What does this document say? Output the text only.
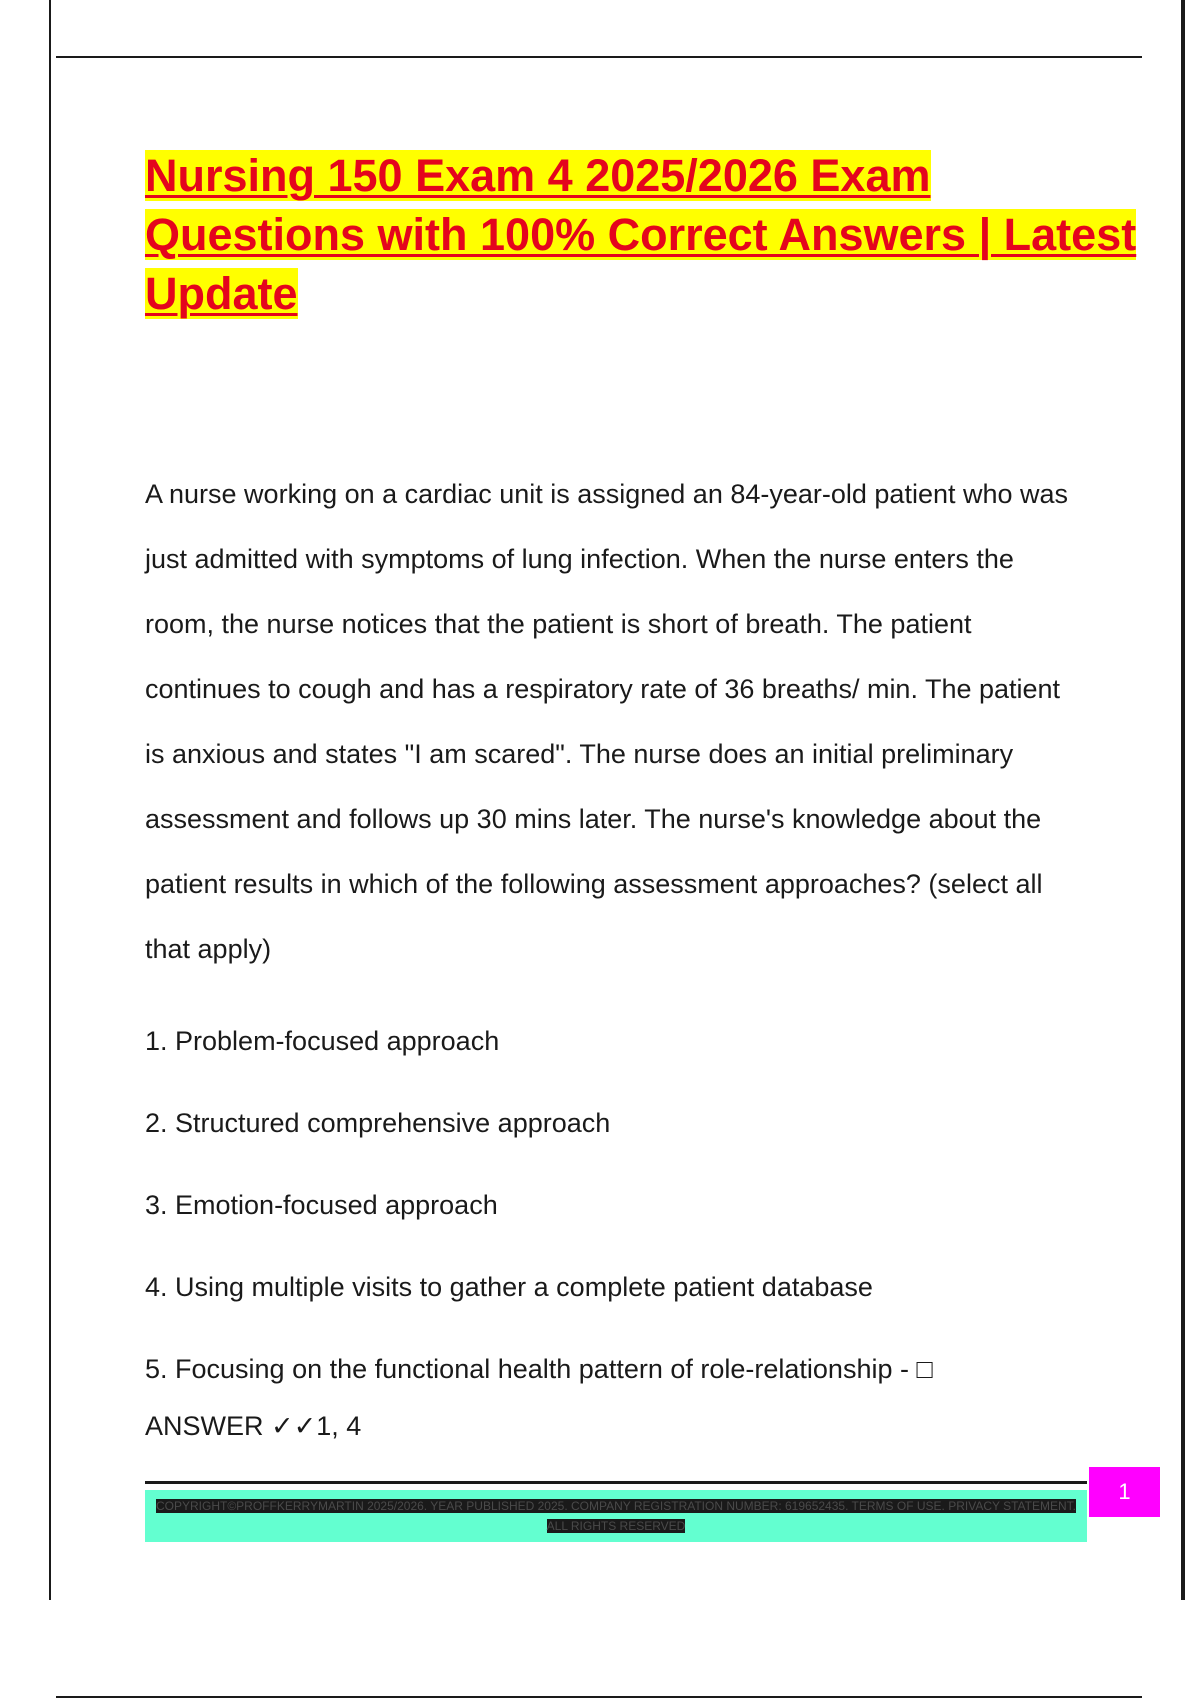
Nursing 150 Exam 4 2025/2026 Exam Questions with 100% Correct Answers | Latest Update

A nurse working on a cardiac unit is assigned an 84-year-old patient who was just admitted with symptoms of lung infection. When the nurse enters the room, the nurse notices that the patient is short of breath. The patient continues to cough and has a respiratory rate of 36 breaths/ min. The patient is anxious and states "I am scared". The nurse does an initial preliminary assessment and follows up 30 mins later. The nurse's knowledge about the patient results in which of the following assessment approaches? (select all that apply)

1. Problem-focused approach
2. Structured comprehensive approach
3. Emotion-focused approach
4. Using multiple visits to gather a complete patient database
5. Focusing on the functional health pattern of role-relationship - □

ANSWER ✓✓1, 4

COPYRIGHT©PROFFKERRYMARTIN 2025/2026. YEAR PUBLISHED 2025. COMPANY REGISTRATION NUMBER: 619652435. TERMS OF USE. PRIVACY STATEMENT. ALL RIGHTS RESERVED

1
